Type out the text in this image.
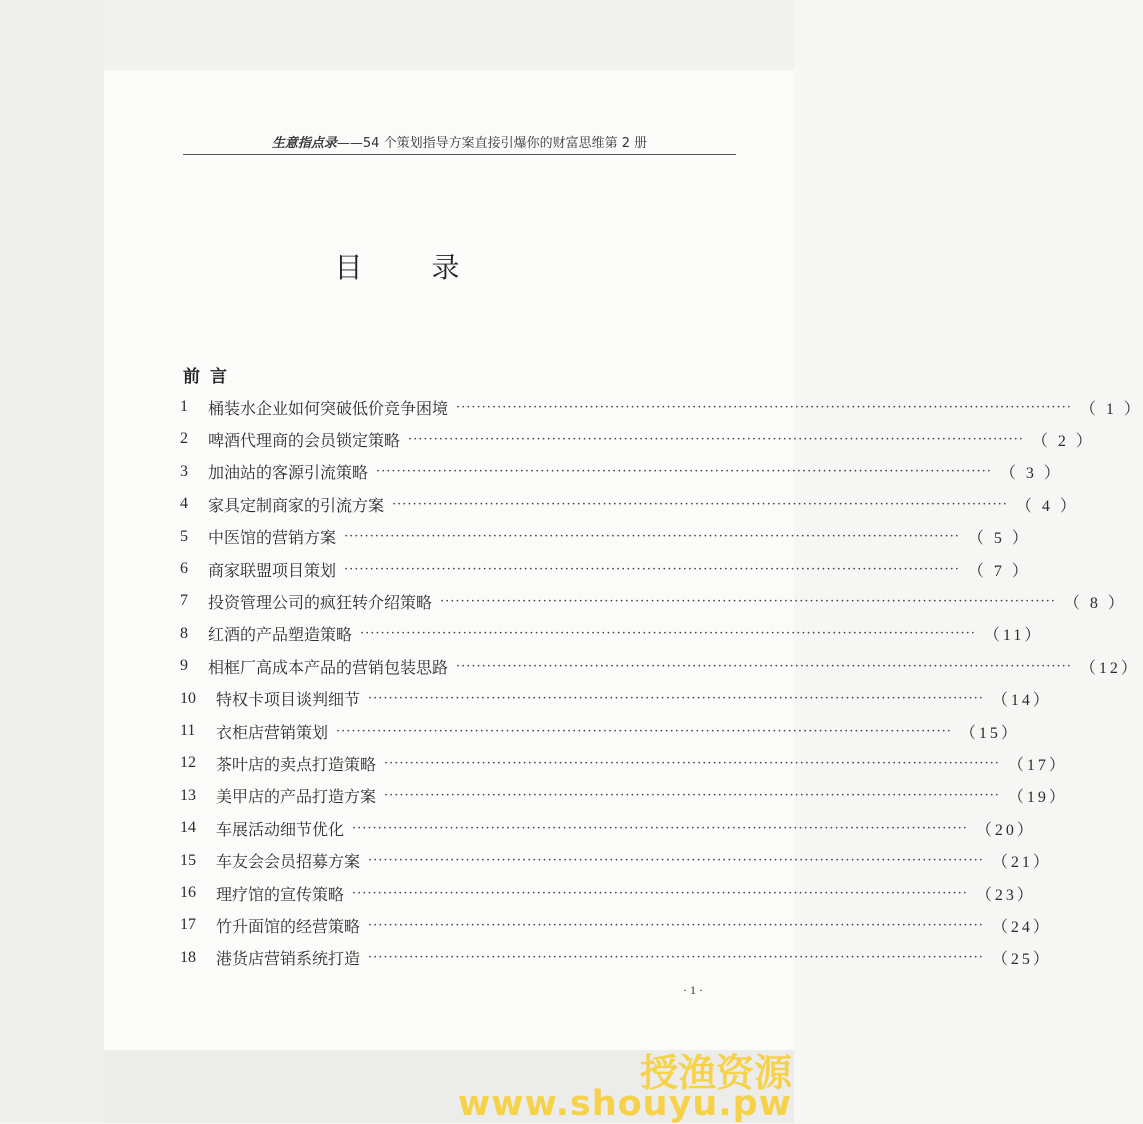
生意指点录——54 个策划指导方案直接引爆你的财富思维第 2 册
目 录
前言
1	桶装水企业如何突破低价竞争困境 ························································································································ （ 1 ）
2	啤酒代理商的会员锁定策略 ························································································································ （ 2 ）
3	加油站的客源引流策略 ························································································································ （ 3 ）
4	家具定制商家的引流方案 ························································································································ （ 4 ）
5	中医馆的营销方案 ························································································································ （ 5 ）
6	商家联盟项目策划 ························································································································ （ 7 ）
7	投资管理公司的疯狂转介绍策略 ························································································································ （ 8 ）
8	红酒的产品塑造策略 ························································································································ （11）
9	相框厂高成本产品的营销包装思路 ························································································································ （12）
10	特权卡项目谈判细节 ························································································································ （14）
11	衣柜店营销策划 ························································································································ （15）
12	茶叶店的卖点打造策略 ························································································································ （17）
13	美甲店的产品打造方案 ························································································································ （19）
14	车展活动细节优化 ························································································································ （20）
15	车友会会员招募方案 ························································································································ （21）
16	理疗馆的宣传策略 ························································································································ （23）
17	竹升面馆的经营策略 ························································································································ （24）
18	港货店营销系统打造 ························································································································ （25）
· 1 ·
授渔资源
www.shouyu.pw
